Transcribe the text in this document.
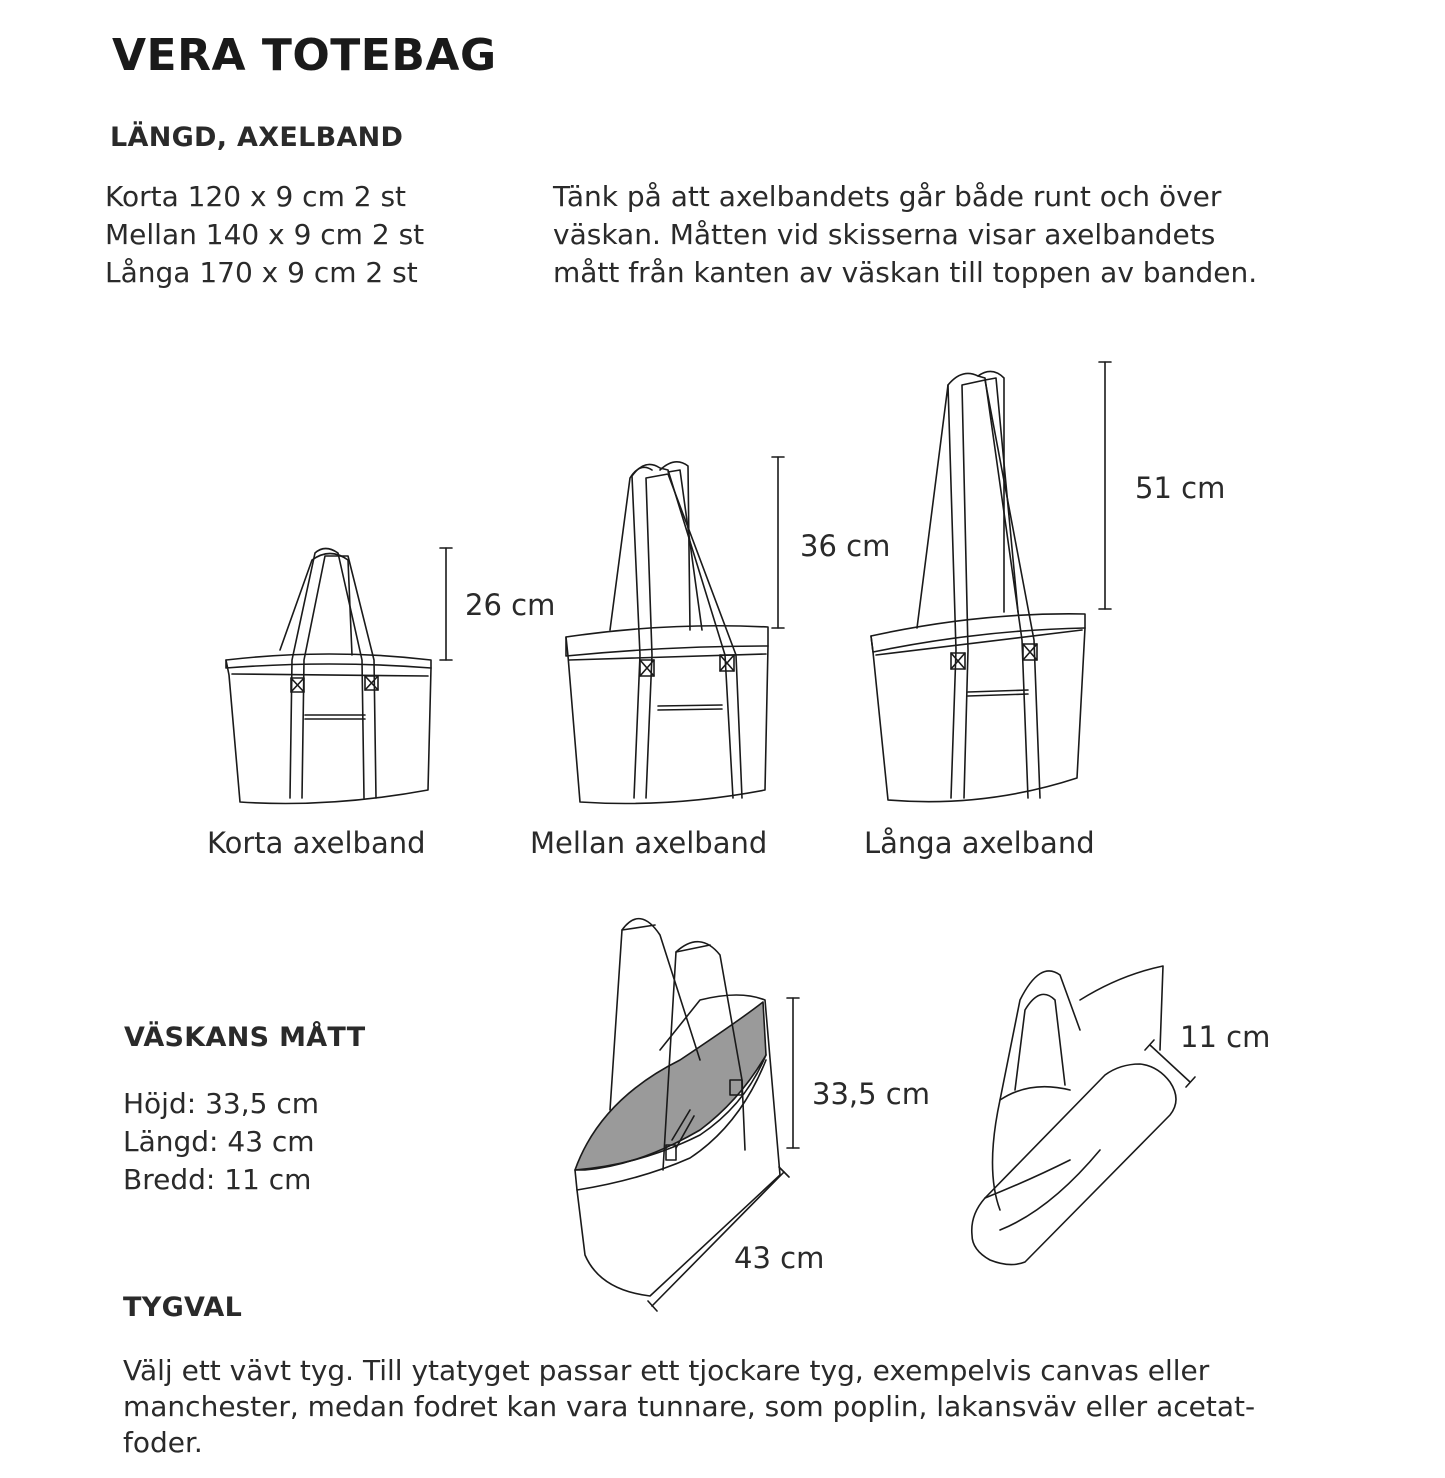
VERA TOTEBAG
LÄNGD, AXELBAND
Korta 120 x 9 cm 2 st
Mellan 140 x 9 cm 2 st
Långa 170 x 9 cm 2 st
Tänk på att axelbandets går både runt och över
väskan. Måtten vid skisserna visar axelbandets
mått från kanten av väskan till toppen av banden.
26 cm
36 cm
51 cm
Korta axelband	Mellan axelband	Långa axelband
VÄSKANS MÅTT
Höjd: 33,5 cm
Längd: 43 cm
Bredd: 11 cm
33,5 cm
43 cm
11 cm
TYGVAL
Välj ett vävt tyg. Till ytatyget passar ett tjockare tyg, exempelvis canvas eller
manchester, medan fodret kan vara tunnare, som poplin, lakansväv eller acetat-
foder.
